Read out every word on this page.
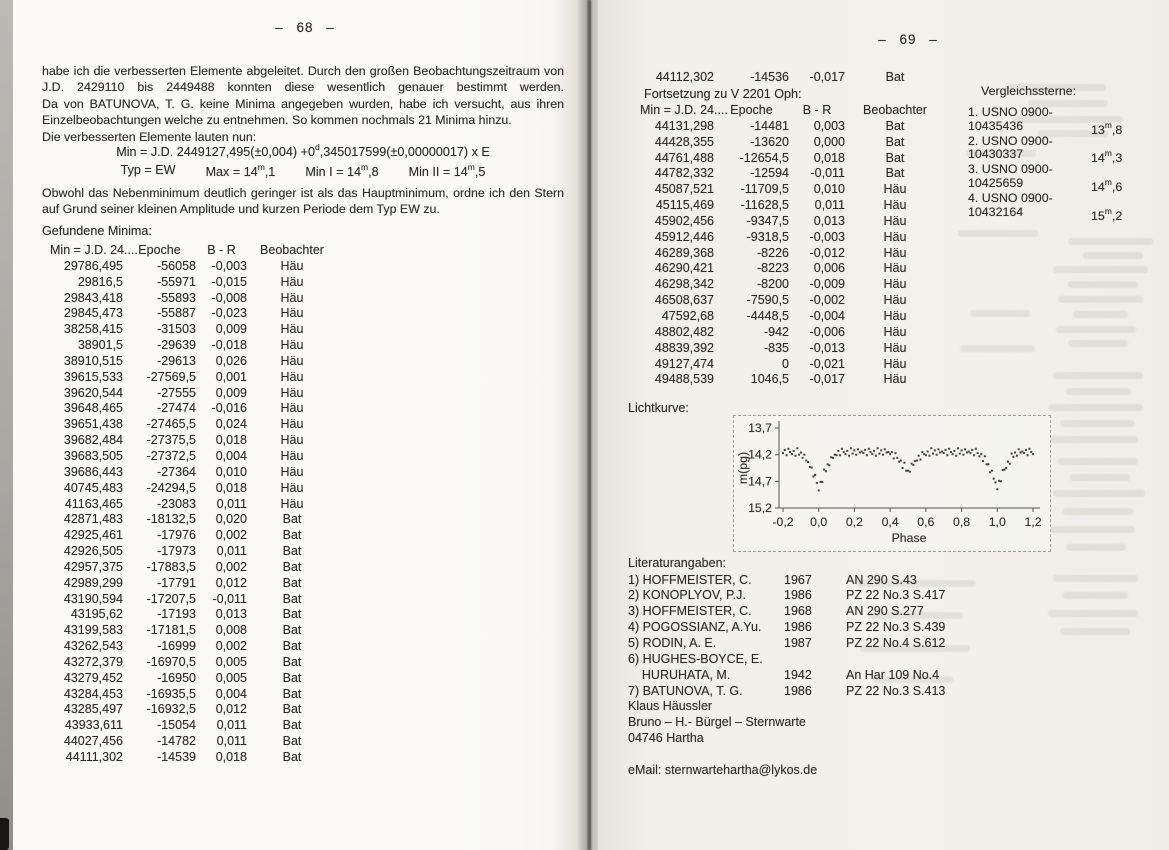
– 68 –
habe ich die verbesserten Elemente abgeleitet. Durch den großen Beobachtungszeitraum von
J.D. 2429110 bis 2449488 konnten diese wesentlich genauer bestimmt werden.
Da von BATUNOVA, T. G. keine Minima angegeben wurden, habe ich versucht, aus ihren
Einzelbeobachtungen welche zu entnehmen. So kommen nochmals 21 Minima hinzu.
Die verbesserten Elemente lauten nun:
Min = J.D. $2449127,495(\pm 0,004) +0^d,345017599(\pm 0,00000017)$ x E
Typ = EW Max = $14^m,1$ Min $I = 14^m,8$ Min II = $14^m,5$
Obwohl das Nebenminimum deutlich geringer ist als das Hauptminimum, ordne ich den Stern
auf Grund seiner kleinen Amplitude und kurzen Periode dem Typ EW zu.
Gefundene Minima:
Min = J.D. 24.... Epoche	B - R	Beobachter
29786,495	-56058	-0,003	Häu
29816,5	-55971	-0,015	Häu
29843,418	-55893	-0,008	Häu
29845,473	-55887	-0,023	Häu
38258,415	-31503	0,009	Häu
38901,5	-29639	-0,018	Häu
38910,515	-29613	0,026	Häu
39615,533	-27569,5	0,001	Häu
39620,544	-27555	0,009	Häu
39648,465	-27474	-0,016	Häu
39651,438	-27465,5	0,024	Häu
39682,484	-27375,5	0,018	Häu
39683,505	-27372,5	0,004	Häu
39686,443	-27364	0,010	Häu
40745,483	-24294,5	0,018	Häu
41163,465	-23083	0,011	Häu
42871,483	-18132,5	0,020	Bat
42925,461	-17976	0,002	Bat
42926,505	-17973	0,011	Bat
42957,375	-17883,5	0,002	Bat
42989,299	-17791	0,012	Bat
43190,594	-17207,5	-0,011	Bat
43195,62	-17193	0,013	Bat
43199,583	-17181,5	0,008	Bat
43262,543	-16999	0,002	Bat
43272,379	-16970,5	0,005	Bat
43279,452	-16950	0,005	Bat
43284,453	-16935,5	0,004	Bat
43285,497	-16932,5	0,012	Bat
43933,611	-15054	0,011	Bat
44027,456	-14782	0,011	Bat
44111,302	-14539	0,018	Bat
– 69 –
44112,302	-14536	-0,017	Bat
Fortsetzung zu V 2201 Oph:
Min = J.D. 24.... Epoche	B - R	Beobachter
44131,298	-14481	0,003	Bat
44428,355	-13620	0,000	Bat
44761,488	-12654,5	0,018	Bat
44782,332	-12594	-0,011	Bat
45087,521	-11709,5	0,010	Häu
45115,469	-11628,5	0,011	Häu
45902,456	-9347,5	0,013	Häu
45912,446	-9318,5	-0,003	Häu
46289,368	-8226	-0,012	Häu
46290,421	-8223	0,006	Häu
46298,342	-8200	-0,009	Häu
46508,637	-7590,5	-0,002	Häu
47592,68	-4448,5	-0,004	Häu
48802,482	-942	-0,006	Häu
48839,392	-835	-0,013	Häu
49127,474	0	-0,021	Häu
49488,539	1046,5	-0,017	Häu
Vergleichssterne:
1. USNO 0900-
10435436	13$^m$,8
2. USNO 0900-
10430337	14$^m$,3
3. USNO 0900-
10425659	14$^m$,6
4. USNO 0900-
10432164	15$^m$,2
Lichtkurve:
13,7
14,2
14,7
15,2
-0,2 0,0 0,2 0,4 0,6 0,8 1,0 1,2
Phase
m(pg)
Literaturangaben:
1) HOFFMEISTER, C.	1967	AN 290 S.43
2) KONOPLYOV, P.J.	1986	PZ 22 No.3 S.417
3) HOFFMEISTER, C.	1968	AN 290 S.277
4) POGOSSIANZ, A.Yu.	1986	PZ 22 No.3 S.439
5) RODIN, A. E.	1987	PZ 22 No.4 S.612
6) HUGHES-BOYCE, E.
HURUHATA, M.	1942	An Har 109 No.4
7) BATUNOVA, T. G.	1986	PZ 22 No.3 S.413
Klaus Häussler
Bruno – H.- Bürgel – Sternwarte
04746 Hartha
eMail: sternwartehartha@lykos.de
